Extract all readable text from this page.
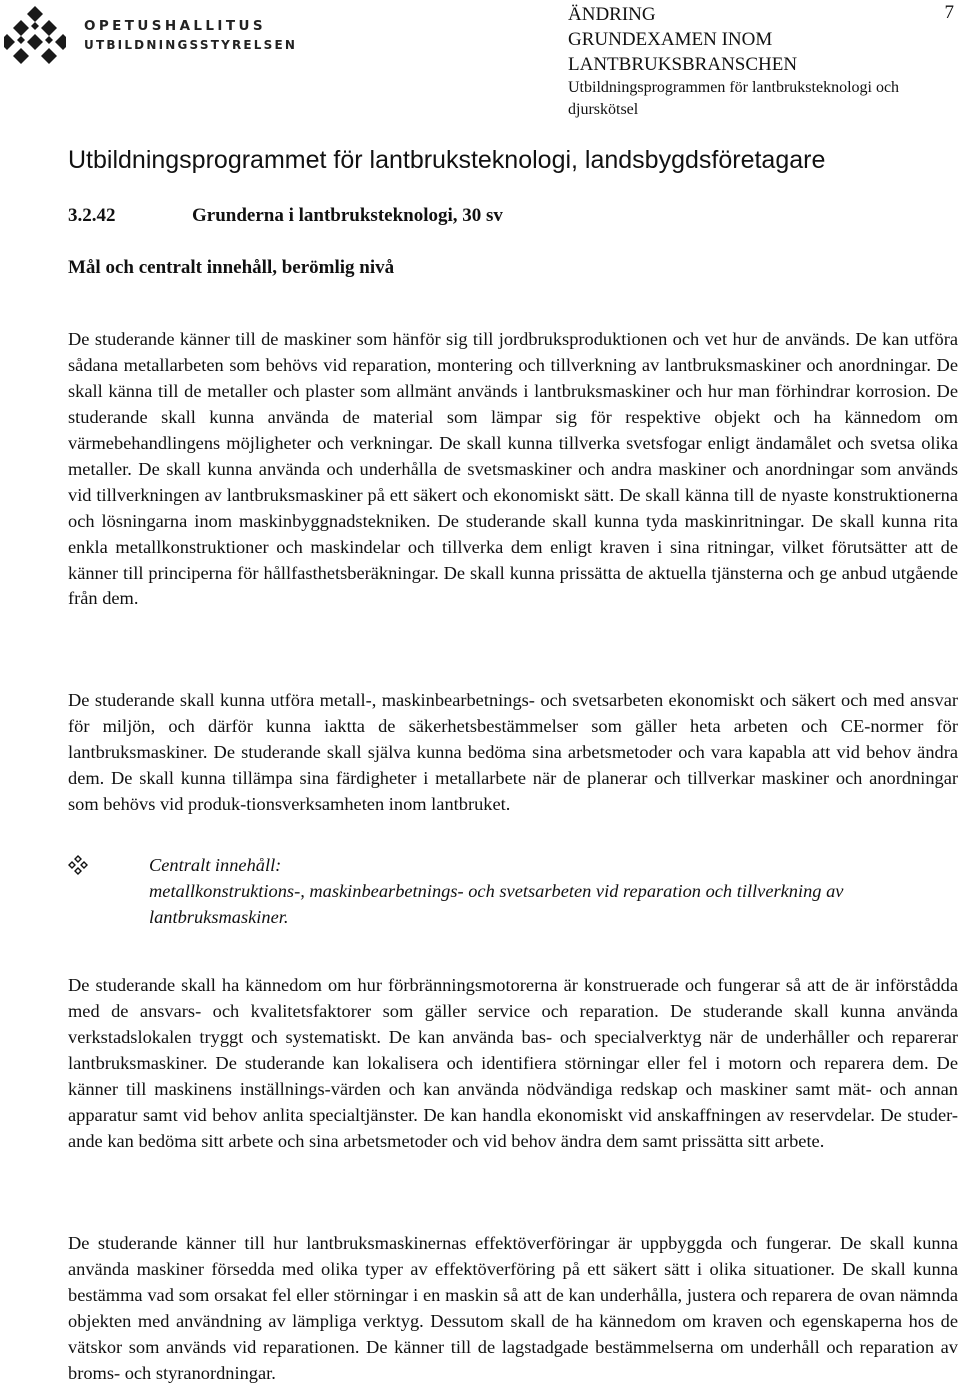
OPETUSHALLITUS
UTBILDNINGSSTYRELSEN
ÄNDRING
GRUNDEXAMEN INOM
LANTBRUKSBRANSCHEN
Utbildningsprogrammen för lantbruksteknologi och
djurskötsel
7
Utbildningsprogrammet för lantbruksteknologi, landsbygdsföretagare
3.2.42	Grunderna i lantbruksteknologi, 30 sv
Mål och centralt innehåll, berömlig nivå

De studerande känner till de maskiner som hänför sig till jordbruksproduktionen och vet hur de används. De kan utföra sådana metallarbeten som behövs vid reparation, montering och tillverkning av lantbruksmaskiner och anordningar. De skall känna till de metaller och plaster som allmänt används i lantbruksmaskiner och hur man förhindrar korrosion. De studerande skall kunna använda de material som lämpar sig för respektive objekt och ha kännedom om värmebehandlingens möjligheter och verkningar. De skall kunna tillverka svetsfogar enligt ändamålet och svetsa olika metaller. De skall kunna använda och underhålla de svetsmaskiner och andra maskiner och anordningar som används vid tillverkningen av lantbruksmaskiner på ett säkert och ekonomiskt sätt. De skall känna till de nyaste konstruktionerna och lösningarna inom maskinbyggnadstekniken. De studerande skall kunna tyda maskinritningar. De skall kunna rita enkla metallkonstruktioner och maskindelar och tillverka dem enligt kraven i sina ritningar, vilket förutsätter att de känner till principerna för hållfasthetsberäkningar. De skall kunna prissätta de aktuella tjänsterna och ge anbud utgående från dem.

De studerande skall kunna utföra metall-, maskinbearbetnings- och svetsarbeten ekonomiskt och säkert och med ansvar för miljön, och därför kunna iaktta de säkerhetsbestämmelser som gäller heta arbeten och CE-normer för lantbruksmaskiner. De studerande skall själva kunna bedöma sina arbetsmetoder och vara kapabla att vid behov ändra dem. De skall kunna tillämpa sina färdigheter i metallarbete när de planerar och tillverkar maskiner och anordningar som behövs vid produk-tionsverksamheten inom lantbruket.

Centralt innehåll:
metallkonstruktions-, maskinbearbetnings- och svetsarbeten vid reparation och tillverkning av lantbruksmaskiner.

De studerande skall ha kännedom om hur förbränningsmotorerna är konstruerade och fungerar så att de är införstådda med de ansvars- och kvalitetsfaktorer som gäller service och reparation. De studerande skall kunna använda verkstadslokalen tryggt och systematiskt. De kan använda bas- och specialverktyg när de underhåller och reparerar lantbruksmaskiner. De studerande kan lokalisera och identifiera störningar eller fel i motorn och reparera dem. De känner till maskinens inställnings-värden och kan använda nödvändiga redskap och maskiner samt mät- och annan apparatur samt vid behov anlita specialtjänster. De kan handla ekonomiskt vid anskaffningen av reservdelar. De studer-ande kan bedöma sitt arbete och sina arbetsmetoder och vid behov ändra dem samt prissätta sitt arbete.

De studerande känner till hur lantbruksmaskinernas effektöverföringar är uppbyggda och fungerar. De skall kunna använda maskiner försedda med olika typer av effektöverföring på ett säkert sätt i olika situationer. De skall kunna bestämma vad som orsakat fel eller störningar i en maskin så att de kan underhålla, justera och reparera de ovan nämnda objekten med användning av lämpliga verktyg. Dessutom skall de ha kännedom om kraven och egenskaperna hos de vätskor som används vid reparationen. De känner till de lagstadgade bestämmelserna om underhåll och reparation av broms- och styranordningar.
